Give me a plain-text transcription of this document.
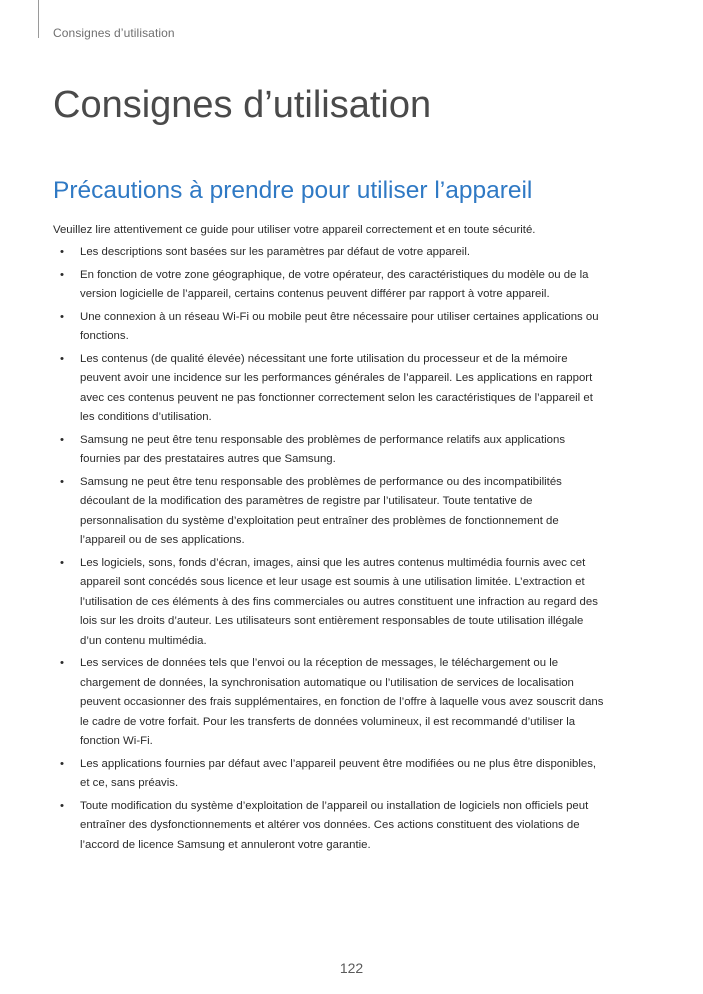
Consignes d’utilisation
Consignes d’utilisation
Précautions à prendre pour utiliser l’appareil

Veuillez lire attentivement ce guide pour utiliser votre appareil correctement et en toute sécurité.

• Les descriptions sont basées sur les paramètres par défaut de votre appareil.
• En fonction de votre zone géographique, de votre opérateur, des caractéristiques du modèle ou de la
version logicielle de l’appareil, certains contenus peuvent différer par rapport à votre appareil.
• Une connexion à un réseau Wi-Fi ou mobile peut être nécessaire pour utiliser certaines applications ou
fonctions.
• Les contenus (de qualité élevée) nécessitant une forte utilisation du processeur et de la mémoire
peuvent avoir une incidence sur les performances générales de l’appareil. Les applications en rapport
avec ces contenus peuvent ne pas fonctionner correctement selon les caractéristiques de l’appareil et
les conditions d’utilisation.
• Samsung ne peut être tenu responsable des problèmes de performance relatifs aux applications
fournies par des prestataires autres que Samsung.
• Samsung ne peut être tenu responsable des problèmes de performance ou des incompatibilités
découlant de la modification des paramètres de registre par l’utilisateur. Toute tentative de
personnalisation du système d’exploitation peut entraîner des problèmes de fonctionnement de
l’appareil ou de ses applications.
• Les logiciels, sons, fonds d’écran, images, ainsi que les autres contenus multimédia fournis avec cet
appareil sont concédés sous licence et leur usage est soumis à une utilisation limitée. L’extraction et
l’utilisation de ces éléments à des fins commerciales ou autres constituent une infraction au regard des
lois sur les droits d’auteur. Les utilisateurs sont entièrement responsables de toute utilisation illégale
d’un contenu multimédia.
• Les services de données tels que l’envoi ou la réception de messages, le téléchargement ou le
chargement de données, la synchronisation automatique ou l’utilisation de services de localisation
peuvent occasionner des frais supplémentaires, en fonction de l’offre à laquelle vous avez souscrit dans
le cadre de votre forfait. Pour les transferts de données volumineux, il est recommandé d’utiliser la
fonction Wi-Fi.
• Les applications fournies par défaut avec l’appareil peuvent être modifiées ou ne plus être disponibles,
et ce, sans préavis.
• Toute modification du système d’exploitation de l’appareil ou installation de logiciels non officiels peut
entraîner des dysfonctionnements et altérer vos données. Ces actions constituent des violations de
l’accord de licence Samsung et annuleront votre garantie.
122
